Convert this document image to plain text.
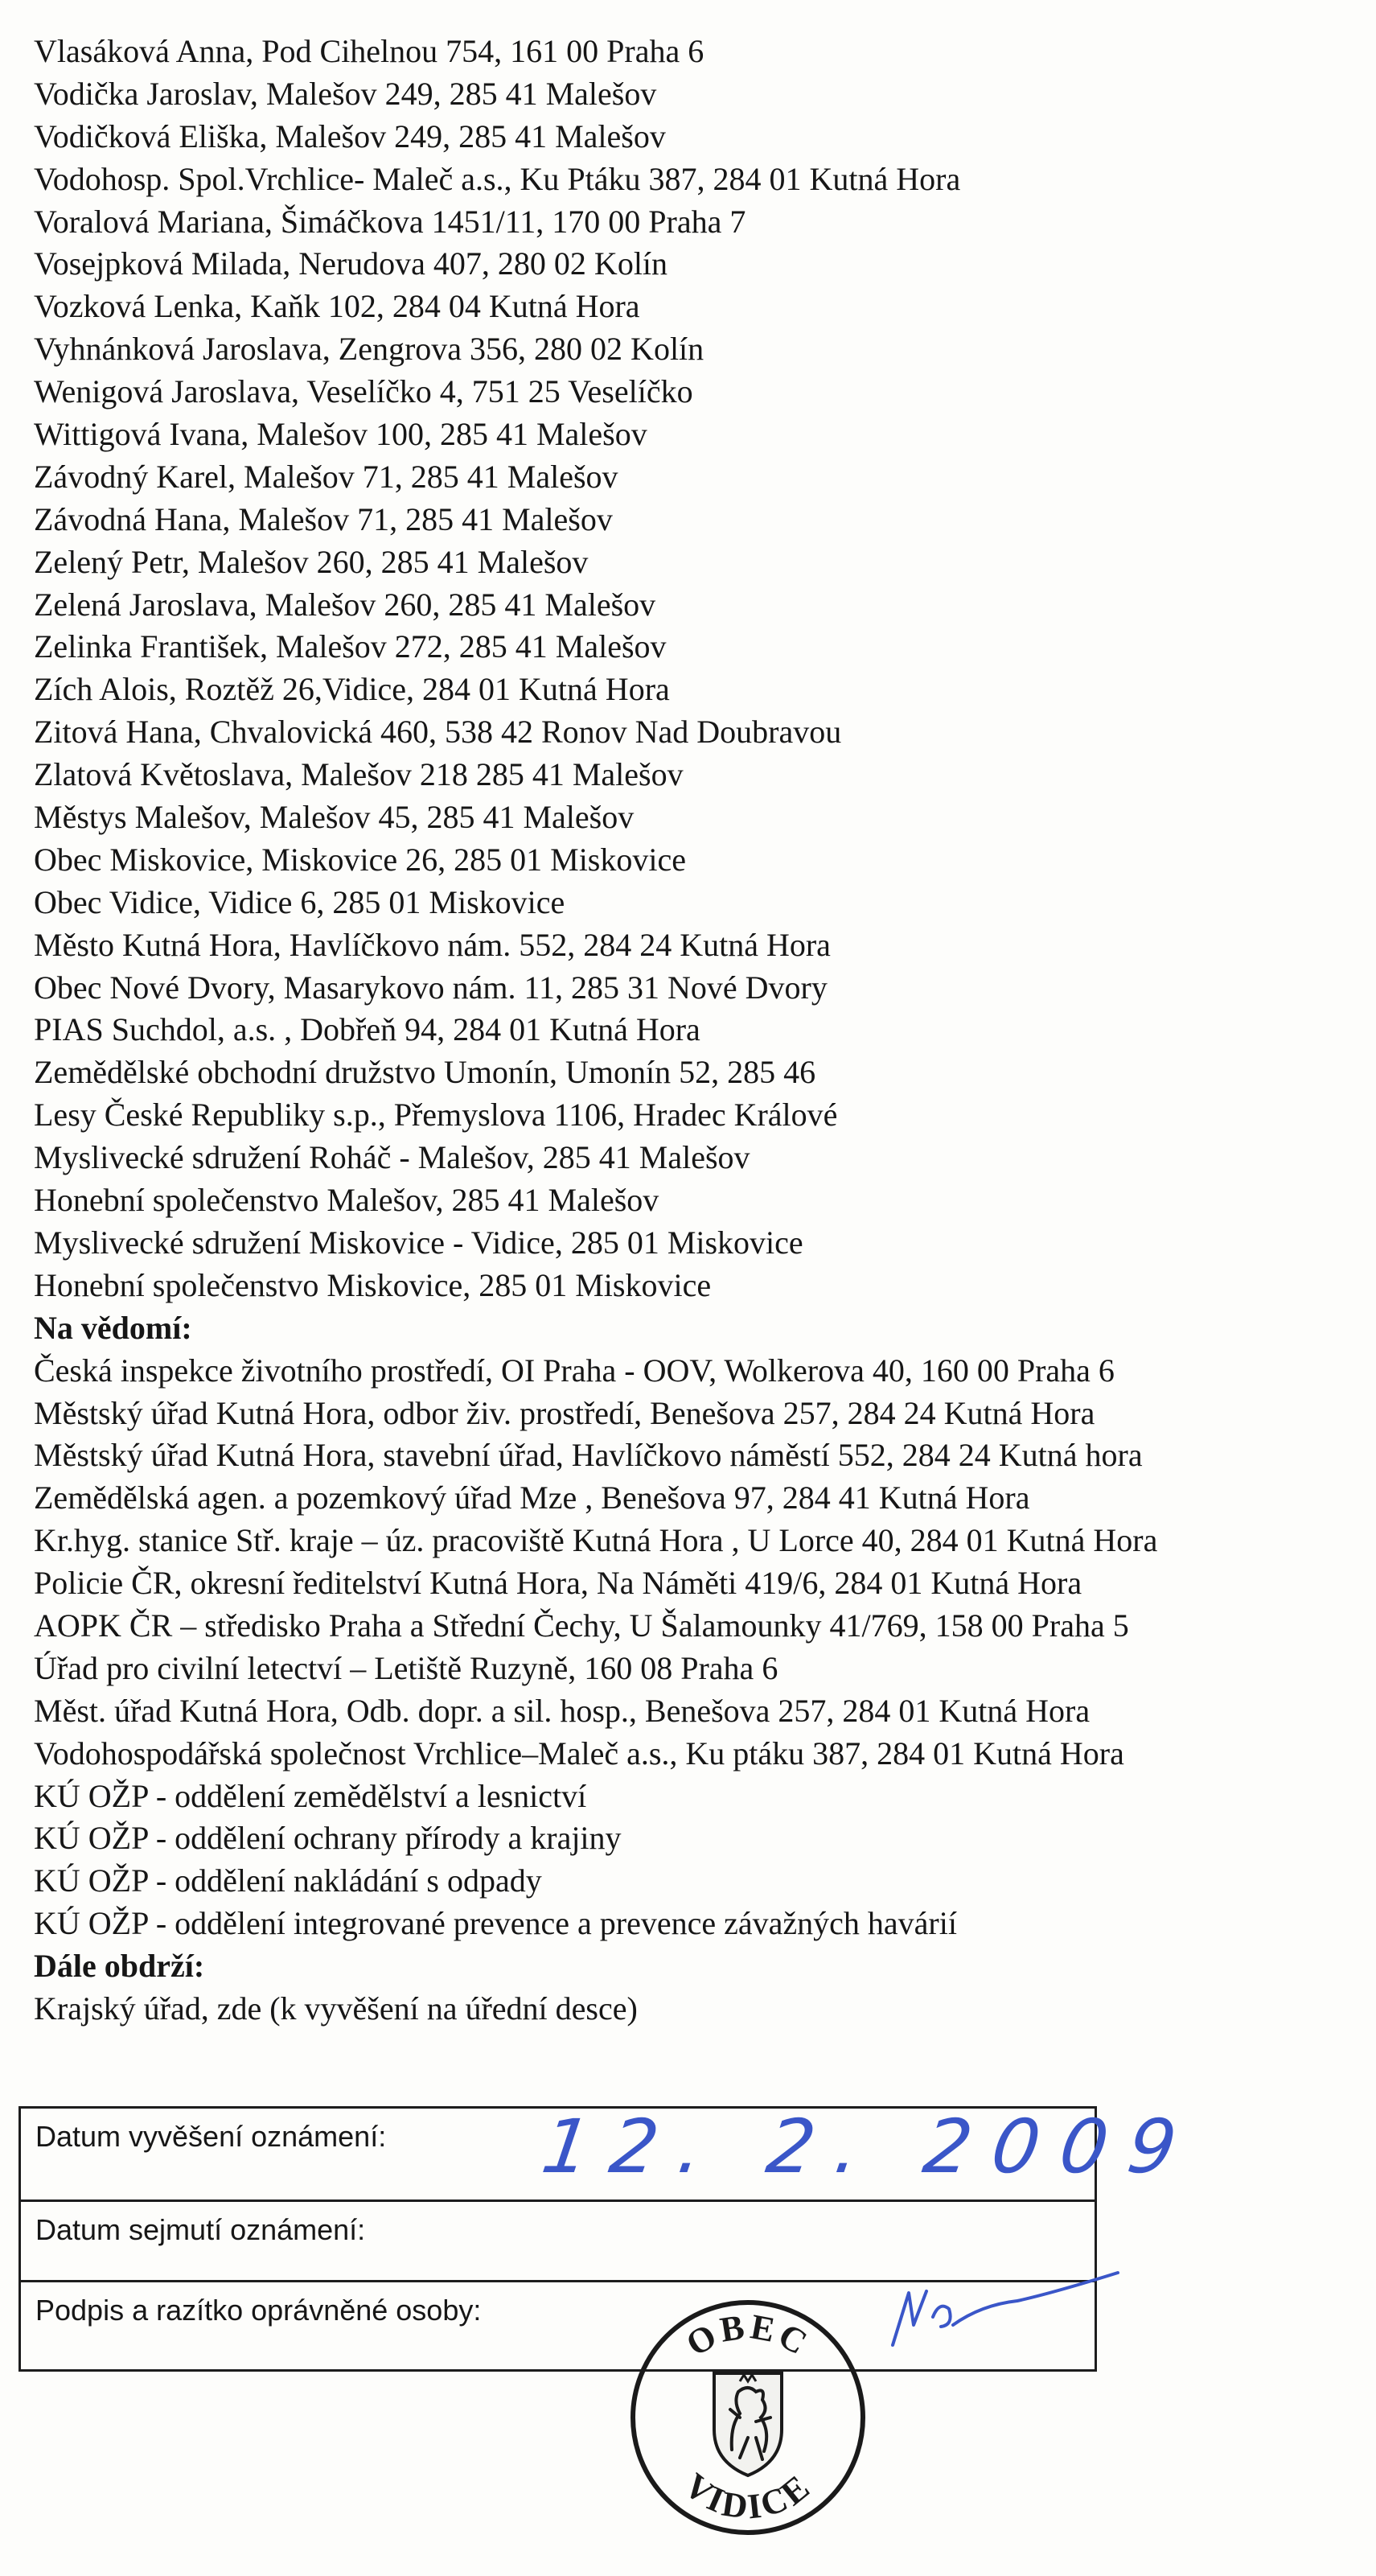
Vlasáková Anna, Pod Cihelnou 754, 161 00 Praha 6
Vodička Jaroslav, Malešov 249, 285 41 Malešov
Vodičková Eliška, Malešov 249, 285 41 Malešov
Vodohosp. Spol.Vrchlice- Maleč a.s., Ku Ptáku 387, 284 01 Kutná Hora
Voralová Mariana, Šimáčkova 1451/11, 170 00 Praha 7
Vosejpková Milada, Nerudova 407, 280 02 Kolín
Vozková Lenka, Kaňk 102, 284 04 Kutná Hora
Vyhnánková Jaroslava, Zengrova 356, 280 02 Kolín
Wenigová Jaroslava, Veselíčko 4, 751 25 Veselíčko
Wittigová Ivana, Malešov 100, 285 41 Malešov
Závodný Karel, Malešov 71, 285 41 Malešov
Závodná Hana, Malešov 71, 285 41 Malešov
Zelený Petr, Malešov 260, 285 41 Malešov
Zelená Jaroslava, Malešov 260, 285 41 Malešov
Zelinka František, Malešov 272, 285 41 Malešov
Zích Alois, Roztěž 26,Vidice, 284 01 Kutná Hora
Zitová Hana, Chvalovická 460, 538 42 Ronov Nad Doubravou
Zlatová Květoslava, Malešov 218 285 41 Malešov
Městys Malešov, Malešov 45, 285 41 Malešov
Obec Miskovice, Miskovice 26, 285 01 Miskovice
Obec Vidice, Vidice 6, 285 01 Miskovice
Město Kutná Hora, Havlíčkovo nám. 552, 284 24 Kutná Hora
Obec Nové Dvory, Masarykovo nám. 11, 285 31 Nové Dvory
PIAS Suchdol, a.s. , Dobřeň 94, 284 01 Kutná Hora
Zemědělské obchodní družstvo Umonín, Umonín 52, 285 46
Lesy České Republiky s.p., Přemyslova 1106, Hradec Králové
Myslivecké sdružení Roháč - Malešov, 285 41 Malešov
Honební společenstvo Malešov, 285 41 Malešov
Myslivecké sdružení Miskovice - Vidice, 285 01 Miskovice
Honební společenstvo Miskovice, 285 01 Miskovice
Na vědomí:
Česká inspekce životního prostředí, OI Praha - OOV, Wolkerova 40, 160 00 Praha 6
Městský úřad Kutná Hora, odbor živ. prostředí, Benešova 257, 284 24 Kutná Hora
Městský úřad Kutná Hora, stavební úřad, Havlíčkovo náměstí 552, 284 24 Kutná hora
Zemědělská agen. a pozemkový úřad Mze , Benešova 97, 284 41 Kutná Hora
Kr.hyg. stanice Stř. kraje – úz. pracoviště Kutná Hora , U Lorce 40, 284 01 Kutná Hora
Policie ČR, okresní ředitelství Kutná Hora, Na Náměti 419/6, 284 01 Kutná Hora
AOPK ČR – středisko Praha a Střední Čechy, U Šalamounky 41/769, 158 00 Praha 5
Úřad pro civilní letectví – Letiště Ruzyně, 160 08 Praha 6
Měst. úřad Kutná Hora, Odb. dopr. a sil. hosp., Benešova 257, 284 01 Kutná Hora
Vodohospodářská společnost Vrchlice–Maleč a.s., Ku ptáku 387, 284 01 Kutná Hora
KÚ OŽP - oddělení zemědělství a lesnictví
KÚ OŽP - oddělení ochrany přírody a krajiny
KÚ OŽP - oddělení nakládání s odpady
KÚ OŽP - oddělení integrované prevence a prevence závažných havárií
Dále obdrží:
Krajský úřad, zde (k vyvěšení na úřední desce)
Datum vyvěšení oznámení:
Datum sejmutí oznámení:
Podpis a razítko oprávněné osoby:
12. 2. 2009
OBEC
VIDICE
